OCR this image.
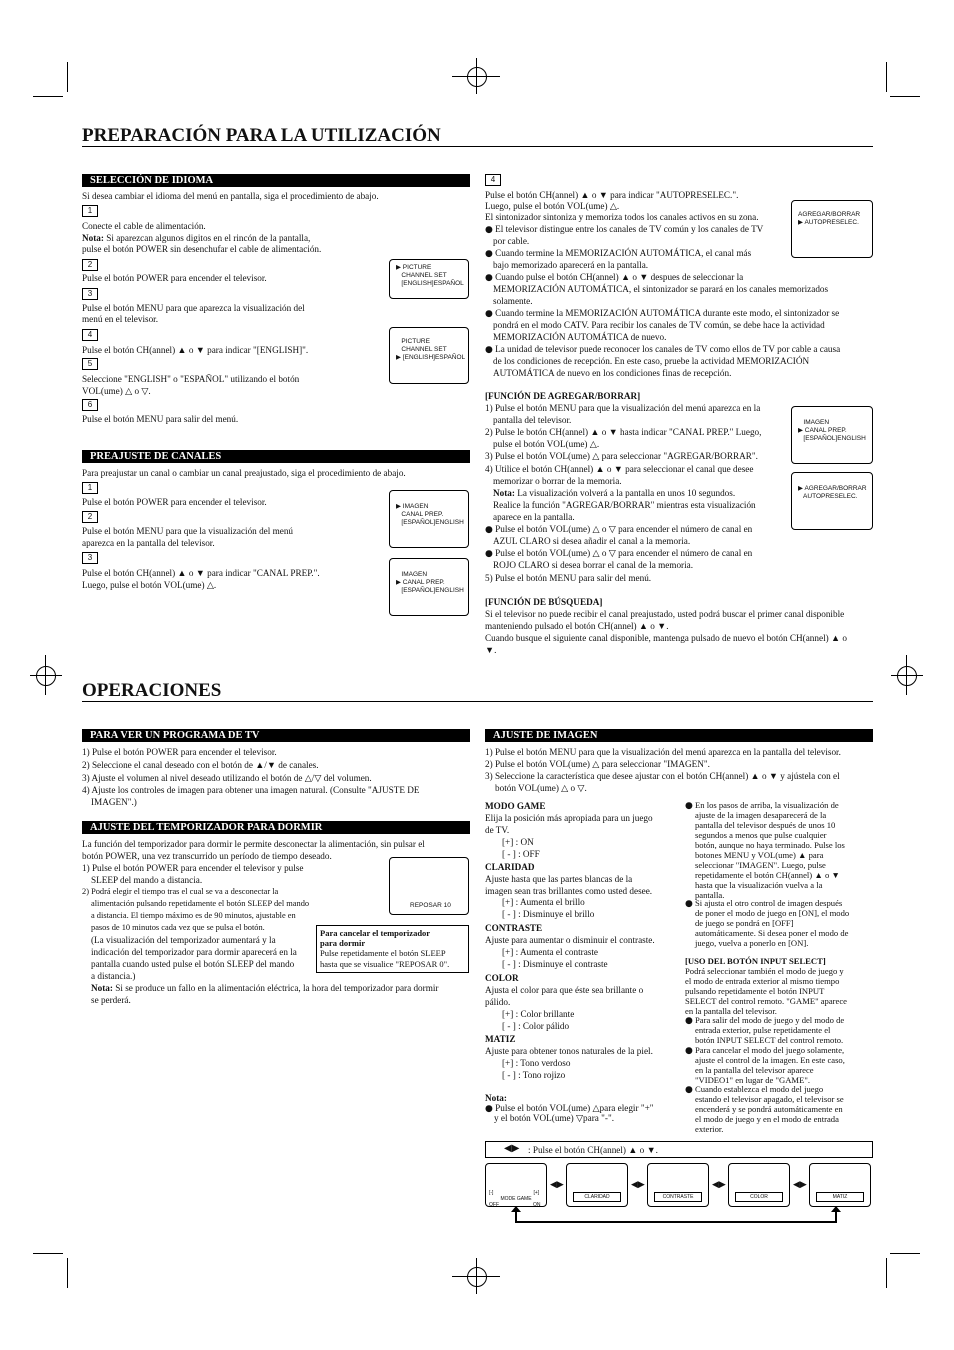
PREPARACIÓN PARA LA UTILIZACIÓN
SELECCIÓN DE IDIOMA
Si desea cambiar el idioma del menú en pantalla, siga el procedimiento de abajo.
1
Conecte el cable de alimentación.
Nota: Si aparezcan algunos digitos en el rincón de la pantalla,
pulse el botón POWER sin desenchufar el cable de alimentación.
2
Pulse el botón POWER para encender el televisor.
3
Pulse el botón MENU para que aparezca la visualización del
menú en el televisor.
4
Pulse el botón CH(annel) ▲ o ▼ para indicar "[ENGLISH]".
5
Seleccione "ENGLISH" o "ESPAÑOL" utilizando el botón
VOL(ume) △ o ▽.
6
Pulse el botón MENU para salir del menú.
▶ PICTURE
CHANNEL SET
[ENGLISH]ESPAÑOL
PICTURE
CHANNEL SET
▶ [ENGLISH]ESPAÑOL
PREAJUSTE DE CANALES
Para preajustar un canal o cambiar un canal preajustado, siga el procedimiento de abajo.
1
Pulse el botón POWER para encender el televisor.
2
Pulse el botón MENU para que la visualización del menú
aparezca en la pantalla del televisor.
3
Pulse el botón CH(annel) ▲ o ▼ para indicar "CANAL PREP.".
Luego, pulse el botón VOL(ume) △.
▶ IMAGEN
CANAL PREP.
[ESPAÑOL]ENGLISH
IMAGEN
▶ CANAL PREP.
[ESPAÑOL]ENGLISH
4
Pulse el botón CH(annel) ▲ o ▼ para indicar "AUTOPRESELEC.".
Luego, pulse el botón VOL(ume) △.
El sintonizador sintoniza y memoriza todos los canales activos en su zona.
● El televisor distingue entre los canales de TV común y los canales de TV
por cable.
● Cuando termine la MEMORIZACIÓN AUTOMÁTICA, el canal más
bajo memorizado aparecerá en la pantalla.
● Cuando pulse el botón CH(annel) ▲ o ▼ despues de seleccionar la
MEMORIZACIÓN AUTOMÁTICA, el sintonizador se parará en los canales memorizados
solamente.
● Cuando termine la MEMORIZACIÓN AUTOMÁTICA durante este modo, el sintonizador se
pondrá en el modo CATV. Para recibir los canales de TV común, se debe hace la actividad
MEMORIZACIÓN AUTOMÁTICA de nuevo.
● La unidad de televisor puede reconocer los canales de TV como ellos de TV por cable a causa
de los condiciones de recepción. En este caso, pruebe la actividad MEMORIZACIÓN
AUTOMÁTICA de nuevo en los condiciones finas de recepción.
AGREGAR/BORRAR
▶ AUTOPRESELEC.
[FUNCIÓN DE AGREGAR/BORRAR]
1) Pulse el botón MENU para que la visualización del menú aparezca en la
pantalla del televisor.
2) Pulse le botón CH(annel) ▲ o ▼ hasta indicar "CANAL PREP." Luego,
pulse el botón VOL(ume) △.
3) Pulse el botón VOL(ume) △ para seleccionar "AGREGAR/BORRAR".
4) Utilice el botón CH(annel) ▲ o ▼ para seleccionar el canal que desee
memorizar o borrar de la memoria.
Nota: La visualización volverá a la pantalla en unos 10 segundos.
Realice la función "AGREGAR/BORRAR" mientras esta visualización
aparece en la pantalla.
● Pulse el botón VOL(ume) △ o ▽ para encender el número de canal en
AZUL CLARO si desea añadir el canal a la memoria.
● Pulse el botón VOL(ume) △ o ▽ para encender el número de canal en
ROJO CLARO si desea borrar el canal de la memoria.
5) Pulse el botón MENU para salir del menú.
IMAGEN
▶ CANAL PREP.
[ESPAÑOL]ENGLISH
▶ AGREGAR/BORRAR
AUTOPRESELEC.
[FUNCIÓN DE BÚSQUEDA]
Si el televisor no puede recibir el canal preajustado, usted podrá buscar el primer canal disponible
manteniendo pulsado el botón CH(annel) ▲ o ▼.
Cuando busque el siguiente canal disponible, mantenga pulsado de nuevo el botón CH(annel) ▲ o
▼.
OPERACIONES
PARA VER UN PROGRAMA DE TV
1) Pulse el botón POWER para encender el televisor.
2) Seleccione el canal deseado con el botón de ▲/▼ de canales.
3) Ajuste el volumen al nivel deseado utilizando el botón de △/▽ del volumen.
4) Ajuste los controles de imagen para obtener una imagen natural. (Consulte "AJUSTE DE
IMAGEN".)
AJUSTE DEL TEMPORIZADOR PARA DORMIR
La función del temporizador para dormir le permite desconectar la alimentación, sin pulsar el
botón POWER, una vez transcurrido un período de tiempo deseado.
1) Pulse el botón POWER para encender el televisor y pulse
SLEEP del mando a distancia.
2) Podrá elegir el tiempo tras el cual se va a desconectar la
alimentación pulsando repetidamente el botón SLEEP del mando
a distancia. El tiempo máximo es de 90 minutos, ajustable en
pasos de 10 minutos cada vez que se pulsa el botón.
(La visualización del temporizador aumentará y la
indicación del temporizador para dormir aparecerá en la
pantalla cuando usted pulse el botón SLEEP del mando
a distancia.)
Nota: Si se produce un fallo en la alimentación eléctrica, la hora del temporizador para dormir
se perderá.
REPOSAR 10
Para cancelar el temporizador
para dormir
Pulse repetidamente el botón SLEEP
hasta que se visualice "REPOSAR 0".
AJUSTE DE IMAGEN
1) Pulse el botón MENU para que la visualización del menú aparezca en la pantalla del televisor.
2) Pulse el botón VOL(ume) △ para seleccionar "IMAGEN".
3) Seleccione la característica que desee ajustar con el botón CH(annel) ▲ o ▼ y ajústela con el
botón VOL(ume) △ o ▽.
MODO GAME
Elija la posición más apropiada para un juego
de TV.
[+] : ON
[ - ] : OFF
CLARIDAD
Ajuste hasta que las partes blancas de la
imagen sean tras brillantes como usted desee.
[+] : Aumenta el brillo
[ - ] : Disminuye el brillo
CONTRASTE
Ajuste para aumentar o disminuir el contraste.
[+] : Aumenta el contraste
[ - ] : Disminuye el contraste
COLOR
Ajusta el color para que éste sea brillante o
pálido.
[+] : Color brillante
[ - ] : Color pálido
MATIZ
Ajuste para obtener tonos naturales de la piel.
[+] : Tono verdoso
[ - ] : Tono rojizo
Nota:
● Pulse el botón VOL(ume) △para elegir "+"
y el botón VOL(ume) ▽para "-".
● En los pasos de arriba, la visualización de
ajuste de la imagen desaparecerá de la
pantalla del televisor después de unos 10
segundos a menos que pulse cualquier
botón, aunque no haya terminado. Pulse los
botones MENU y VOL(ume) ▲ para
seleccionar "IMAGEN". Luego, pulse
repetidamente el botón CH(annel) ▲ o ▼
hasta que la visualización vuelva a la
pantalla.
● Si ajusta el otro control de imagen después
de poner el modo de juego en [ON], el modo
de juego se pondrá en [OFF]
automáticamente. Si desea poner el modo de
juego, vuelva a ponerlo en [ON].
[USO DEL BOTÓN INPUT SELECT]
Podrá seleccionar también el modo de juego y
el modo de entrada exterior al mismo tiempo
pulsando repetidamente el botón INPUT
SELECT del control remoto. "GAME" aparece
en la pantalla del televisor.
● Para salir del modo de juego y del modo de
entrada exterior, pulse repetidamente el
botón INPUT SELECT del control remoto.
● Para cancelar el modo del juego solamente,
ajuste el control de la imagen. En este caso,
en la pantalla del televisor aparece
"VIDEO1" en lugar de "GAME".
● Cuando establezca el modo del juego
estando el televisor apagado, el televisor se
encenderá y se pondrá automáticamente en
el modo de juego y en el modo de entrada
exterior.
◀▶ : Pulse el botón CH(annel) ▲ o ▼.
[-]	[+]
MODE GAME
OFF	ON
◀▶
CLARIDAD
◀▶
CONTRASTE
◀▶
COLOR
◀▶
MATIZ
